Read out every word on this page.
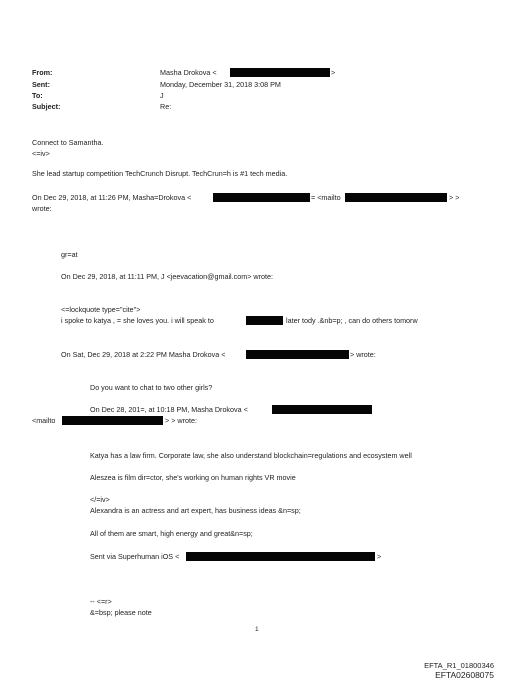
From:	Masha Drokova <	>
Sent:	Monday, December 31, 2018 3:08 PM
To:	J
Subject:	Re:
Connect to Samantha.
<=iv>
She lead startup competition TechCrunch Disrupt. TechCrun=h is #1 tech media.
On Dec 29, 2018, at 11:26 PM, Masha=Drokova <	= <mailto	> >
wrote:
gr=at
On Dec 29, 2018, at 11:11 PM, J <jeevacation@gmail.com> wrote:
<=lockquote type="cite">
i spoke to katya , = she loves you. i will speak to	later tody .&nb=p; , can do others tomorw
On Sat, Dec 29, 2018 at 2:22 PM Masha Drokova <	> wrote:
Do you want to chat to two other girls?
On Dec 28, 201=, at 10:18 PM, Masha Drokova <
<mailto	> > wrote:
Katya has a law firm. Corporate law, she also understand blockchain=regulations and ecosystem well
Aleszea is film dir=ctor, she's working on human rights VR movie
</=iv>
Alexandra is an actress and art expert, has business ideas &n=sp;
All of them are smart, high energy and great&n=sp;
Sent via Superhuman iOS <	>
-- <=r>
&=bsp; please note
1
EFTA_R1_01800346
EFTA02608075
